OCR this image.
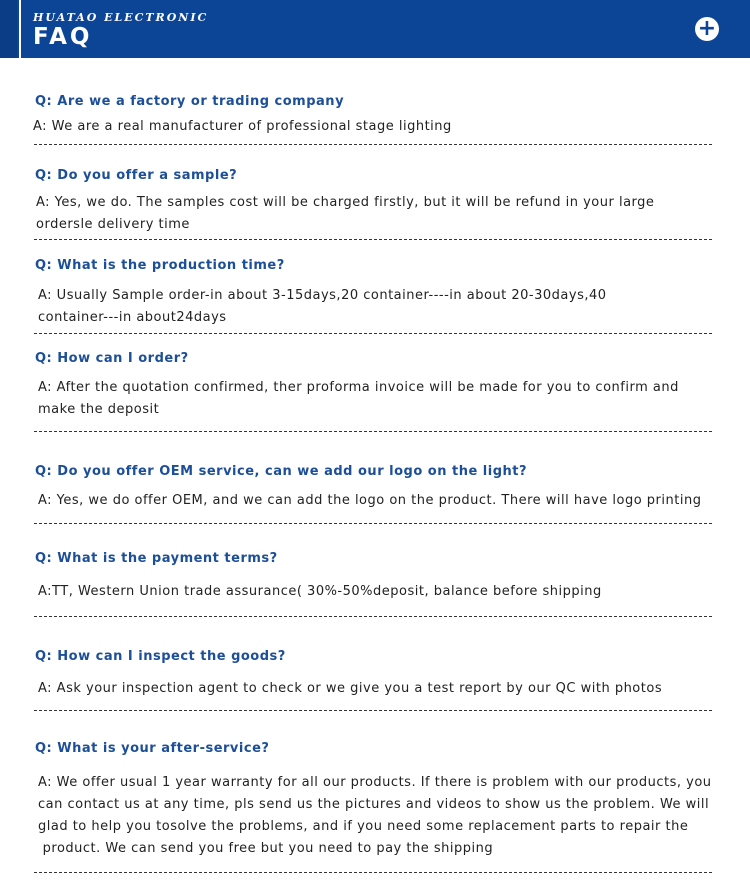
HUATAO ELECTRONIC
FAQ	+
Q: Are we a factory or trading company
A: We are a real manufacturer of professional stage lighting
Q: Do you offer a sample?
A: Yes, we do. The samples cost will be charged firstly, but it will be refund in your large
ordersle delivery time
Q: What is the production time?
A: Usually Sample order-in about 3-15days,20 container----in about 20-30days,40
container---in about24days
Q: How can I order?
A: After the quotation confirmed, ther proforma invoice will be made for you to confirm and
make the deposit
Q: Do you offer OEM service, can we add our logo on the light?
A: Yes, we do offer OEM, and we can add the logo on the product. There will have logo printing
Q: What is the payment terms?
A:TT, Western Union trade assurance( 30%-50%deposit, balance before shipping
Q: How can I inspect the goods?
A: Ask your inspection agent to check or we give you a test report by our QC with photos
Q: What is your after-service?
A: We offer usual 1 year warranty for all our products. If there is problem with our products, you
can contact us at any time, pls send us the pictures and videos to show us the problem. We will
glad to help you tosolve the problems, and if you need some replacement parts to repair the
product. We can send you free but you need to pay the shipping
